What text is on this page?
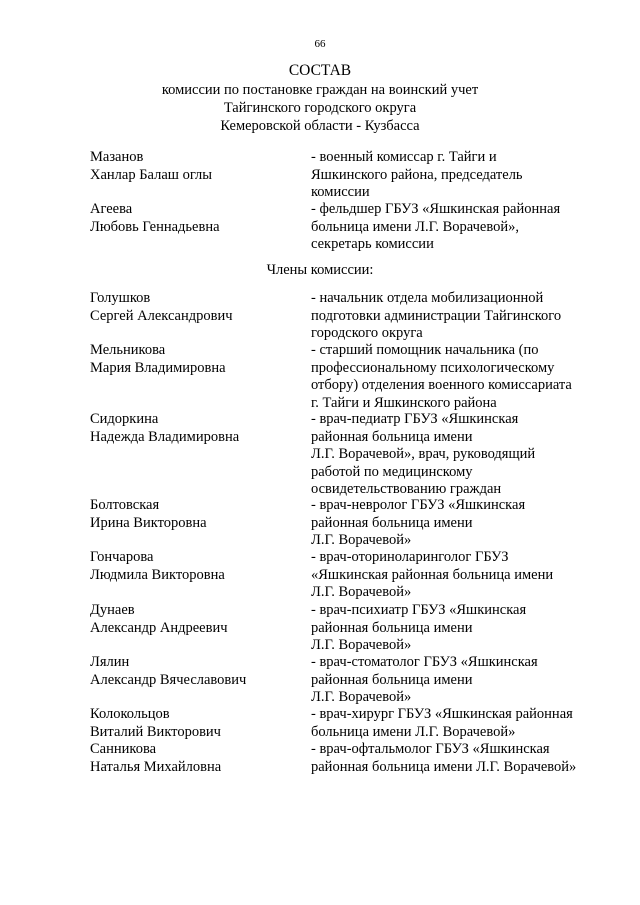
66
СОСТАВ
комиссии по постановке граждан на воинский учет
Тайгинского городского округа
Кемеровской области - Кузбасса
Мазанов
Ханлар Балаш оглы
- военный комиссар г. Тайги и
Яшкинского района, председатель
комиссии
Агеева
Любовь Геннадьевна
- фельдшер ГБУЗ «Яшкинская районная
больница имени Л.Г. Ворачевой»,
секретарь комиссии
Члены комиссии:
Голушков
Сергей Александрович
- начальник отдела мобилизационной
подготовки администрации Тайгинского
городского округа
Мельникова
Мария Владимировна
- старший помощник начальника (по
профессиональному психологическому
отбору) отделения военного комиссариата
г. Тайги и Яшкинского района
Сидоркина
Надежда Владимировна
- врач-педиатр ГБУЗ «Яшкинская
районная больница имени
Л.Г. Ворачевой», врач, руководящий
работой по медицинскому
освидетельствованию граждан
Болтовская
Ирина Викторовна
- врач-невролог ГБУЗ «Яшкинская
районная больница имени
Л.Г. Ворачевой»
Гончарова
Людмила Викторовна
- врач-оториноларинголог ГБУЗ
«Яшкинская районная больница имени
Л.Г. Ворачевой»
Дунаев
Александр Андреевич
- врач-психиатр ГБУЗ «Яшкинская
районная больница имени
Л.Г. Ворачевой»
Лялин
Александр Вячеславович
- врач-стоматолог ГБУЗ «Яшкинская
районная больница имени
Л.Г. Ворачевой»
Колокольцов
Виталий Викторович
- врач-хирург ГБУЗ «Яшкинская районная
больница имени Л.Г. Ворачевой»
Санникова
Наталья Михайловна
- врач-офтальмолог ГБУЗ «Яшкинская
районная больница имени Л.Г. Ворачевой»
